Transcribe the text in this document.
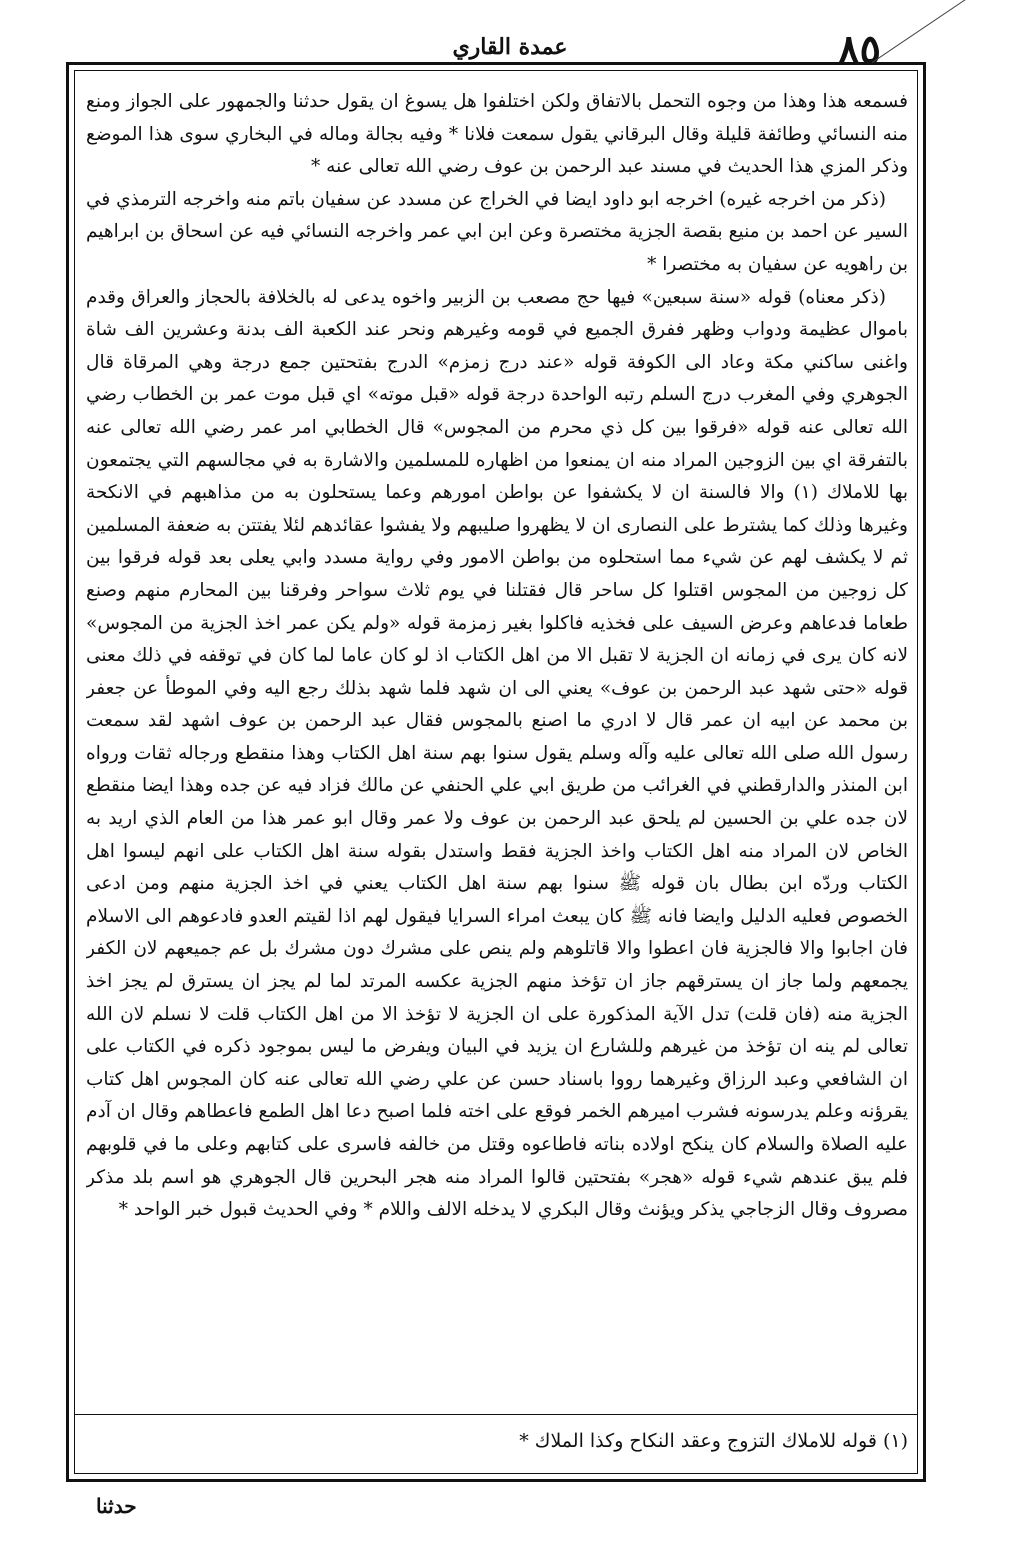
٨٥
عمدة القاري

فسمعه هذا وهذا من وجوه التحمل بالاتفاق ولكن اختلفوا هل يسوغ ان يقول حدثنا والجمهور على الجواز ومنع منه النسائي وطائفة قليلة وقال البرقاني يقول سمعت فلانا * وفيه بجالة وماله في البخاري سوى هذا الموضع وذكر المزي هذا الحديث في مسند عبد الرحمن بن عوف رضي الله تعالى عنه *

(ذكر من اخرجه غيره) اخرجه ابو داود ايضا في الخراج عن مسدد عن سفيان باتم منه واخرجه الترمذي في السير عن احمد بن منيع بقصة الجزية مختصرة وعن ابن ابي عمر واخرجه النسائي فيه عن اسحاق بن ابراهيم بن راهويه عن سفيان به مختصرا *

(ذكر معناه) قوله «سنة سبعين» فيها حج مصعب بن الزبير واخوه يدعى له بالخلافة بالحجاز والعراق وقدم باموال عظيمة ودواب وظهر ففرق الجميع في قومه وغيرهم ونحر عند الكعبة الف بدنة وعشرين الف شاة واغنى ساكني مكة وعاد الى الكوفة قوله «عند درج زمزم» الدرج بفتحتين جمع درجة وهي المرقاة قال الجوهري وفي المغرب درج السلم رتبه الواحدة درجة قوله «قبل موته» اي قبل موت عمر بن الخطاب رضي الله تعالى عنه قوله «فرقوا بين كل ذي محرم من المجوس» قال الخطابي امر عمر رضي الله تعالى عنه بالتفرقة اي بين الزوجين المراد منه ان يمنعوا من اظهاره للمسلمين والاشارة به في مجالسهم التي يجتمعون بها للاملاك (١) والا فالسنة ان لا يكشفوا عن بواطن امورهم وعما يستحلون به من مذاهبهم في الانكحة وغيرها وذلك كما يشترط على النصارى ان لا يظهروا صليبهم ولا يفشوا عقائدهم لئلا يفتتن به ضعفة المسلمين ثم لا يكشف لهم عن شيء مما استحلوه من بواطن الامور وفي رواية مسدد وابي يعلى بعد قوله فرقوا بين كل زوجين من المجوس اقتلوا كل ساحر قال فقتلنا في يوم ثلاث سواحر وفرقنا بين المحارم منهم وصنع طعاما فدعاهم وعرض السيف على فخذيه فاكلوا بغير زمزمة قوله «ولم يكن عمر اخذ الجزية من المجوس» لانه كان يرى في زمانه ان الجزية لا تقبل الا من اهل الكتاب اذ لو كان عاما لما كان في توقفه في ذلك معنى قوله «حتى شهد عبد الرحمن بن عوف» يعني الى ان شهد فلما شهد بذلك رجع اليه وفي الموطأ عن جعفر بن محمد عن ابيه ان عمر قال لا ادري ما اصنع بالمجوس فقال عبد الرحمن بن عوف اشهد لقد سمعت رسول الله صلى الله تعالى عليه وآله وسلم يقول سنوا بهم سنة اهل الكتاب وهذا منقطع ورجاله ثقات ورواه ابن المنذر والدارقطني في الغرائب من طريق ابي علي الحنفي عن مالك فزاد فيه عن جده وهذا ايضا منقطع لان جده علي بن الحسين لم يلحق عبد الرحمن بن عوف ولا عمر وقال ابو عمر هذا من العام الذي اريد به الخاص لان المراد منه اهل الكتاب واخذ الجزية فقط واستدل بقوله سنة اهل الكتاب على انهم ليسوا اهل الكتاب وردّه ابن بطال بان قوله ﷺ سنوا بهم سنة اهل الكتاب يعني في اخذ الجزية منهم ومن ادعى الخصوص فعليه الدليل وايضا فانه ﷺ كان يبعث امراء السرايا فيقول لهم اذا لقيتم العدو فادعوهم الى الاسلام فان اجابوا والا فالجزية فان اعطوا والا قاتلوهم ولم ينص على مشرك دون مشرك بل عم جميعهم لان الكفر يجمعهم ولما جاز ان يسترقهم جاز ان تؤخذ منهم الجزية عكسه المرتد لما لم يجز ان يسترق لم يجز اخذ الجزية منه (فان قلت) تدل الآية المذكورة على ان الجزية لا تؤخذ الا من اهل الكتاب قلت لا نسلم لان الله تعالى لم ينه ان تؤخذ من غيرهم وللشارع ان يزيد في البيان ويفرض ما ليس بموجود ذكره في الكتاب على ان الشافعي وعبد الرزاق وغيرهما رووا باسناد حسن عن علي رضي الله تعالى عنه كان المجوس اهل كتاب يقرؤنه وعلم يدرسونه فشرب اميرهم الخمر فوقع على اخته فلما اصبح دعا اهل الطمع فاعطاهم وقال ان آدم عليه الصلاة والسلام كان ينكح اولاده بناته فاطاعوه وقتل من خالفه فاسرى على كتابهم وعلى ما في قلوبهم فلم يبق عندهم شيء قوله «هجر» بفتحتين قالوا المراد منه هجر البحرين قال الجوهري هو اسم بلد مذكر مصروف وقال الزجاجي يذكر ويؤنث وقال البكري لا يدخله الالف واللام * وفي الحديث قبول خبر الواحد *

(١) قوله للاملاك التزوج وعقد النكاح وكذا الملاك *
حدثنا
